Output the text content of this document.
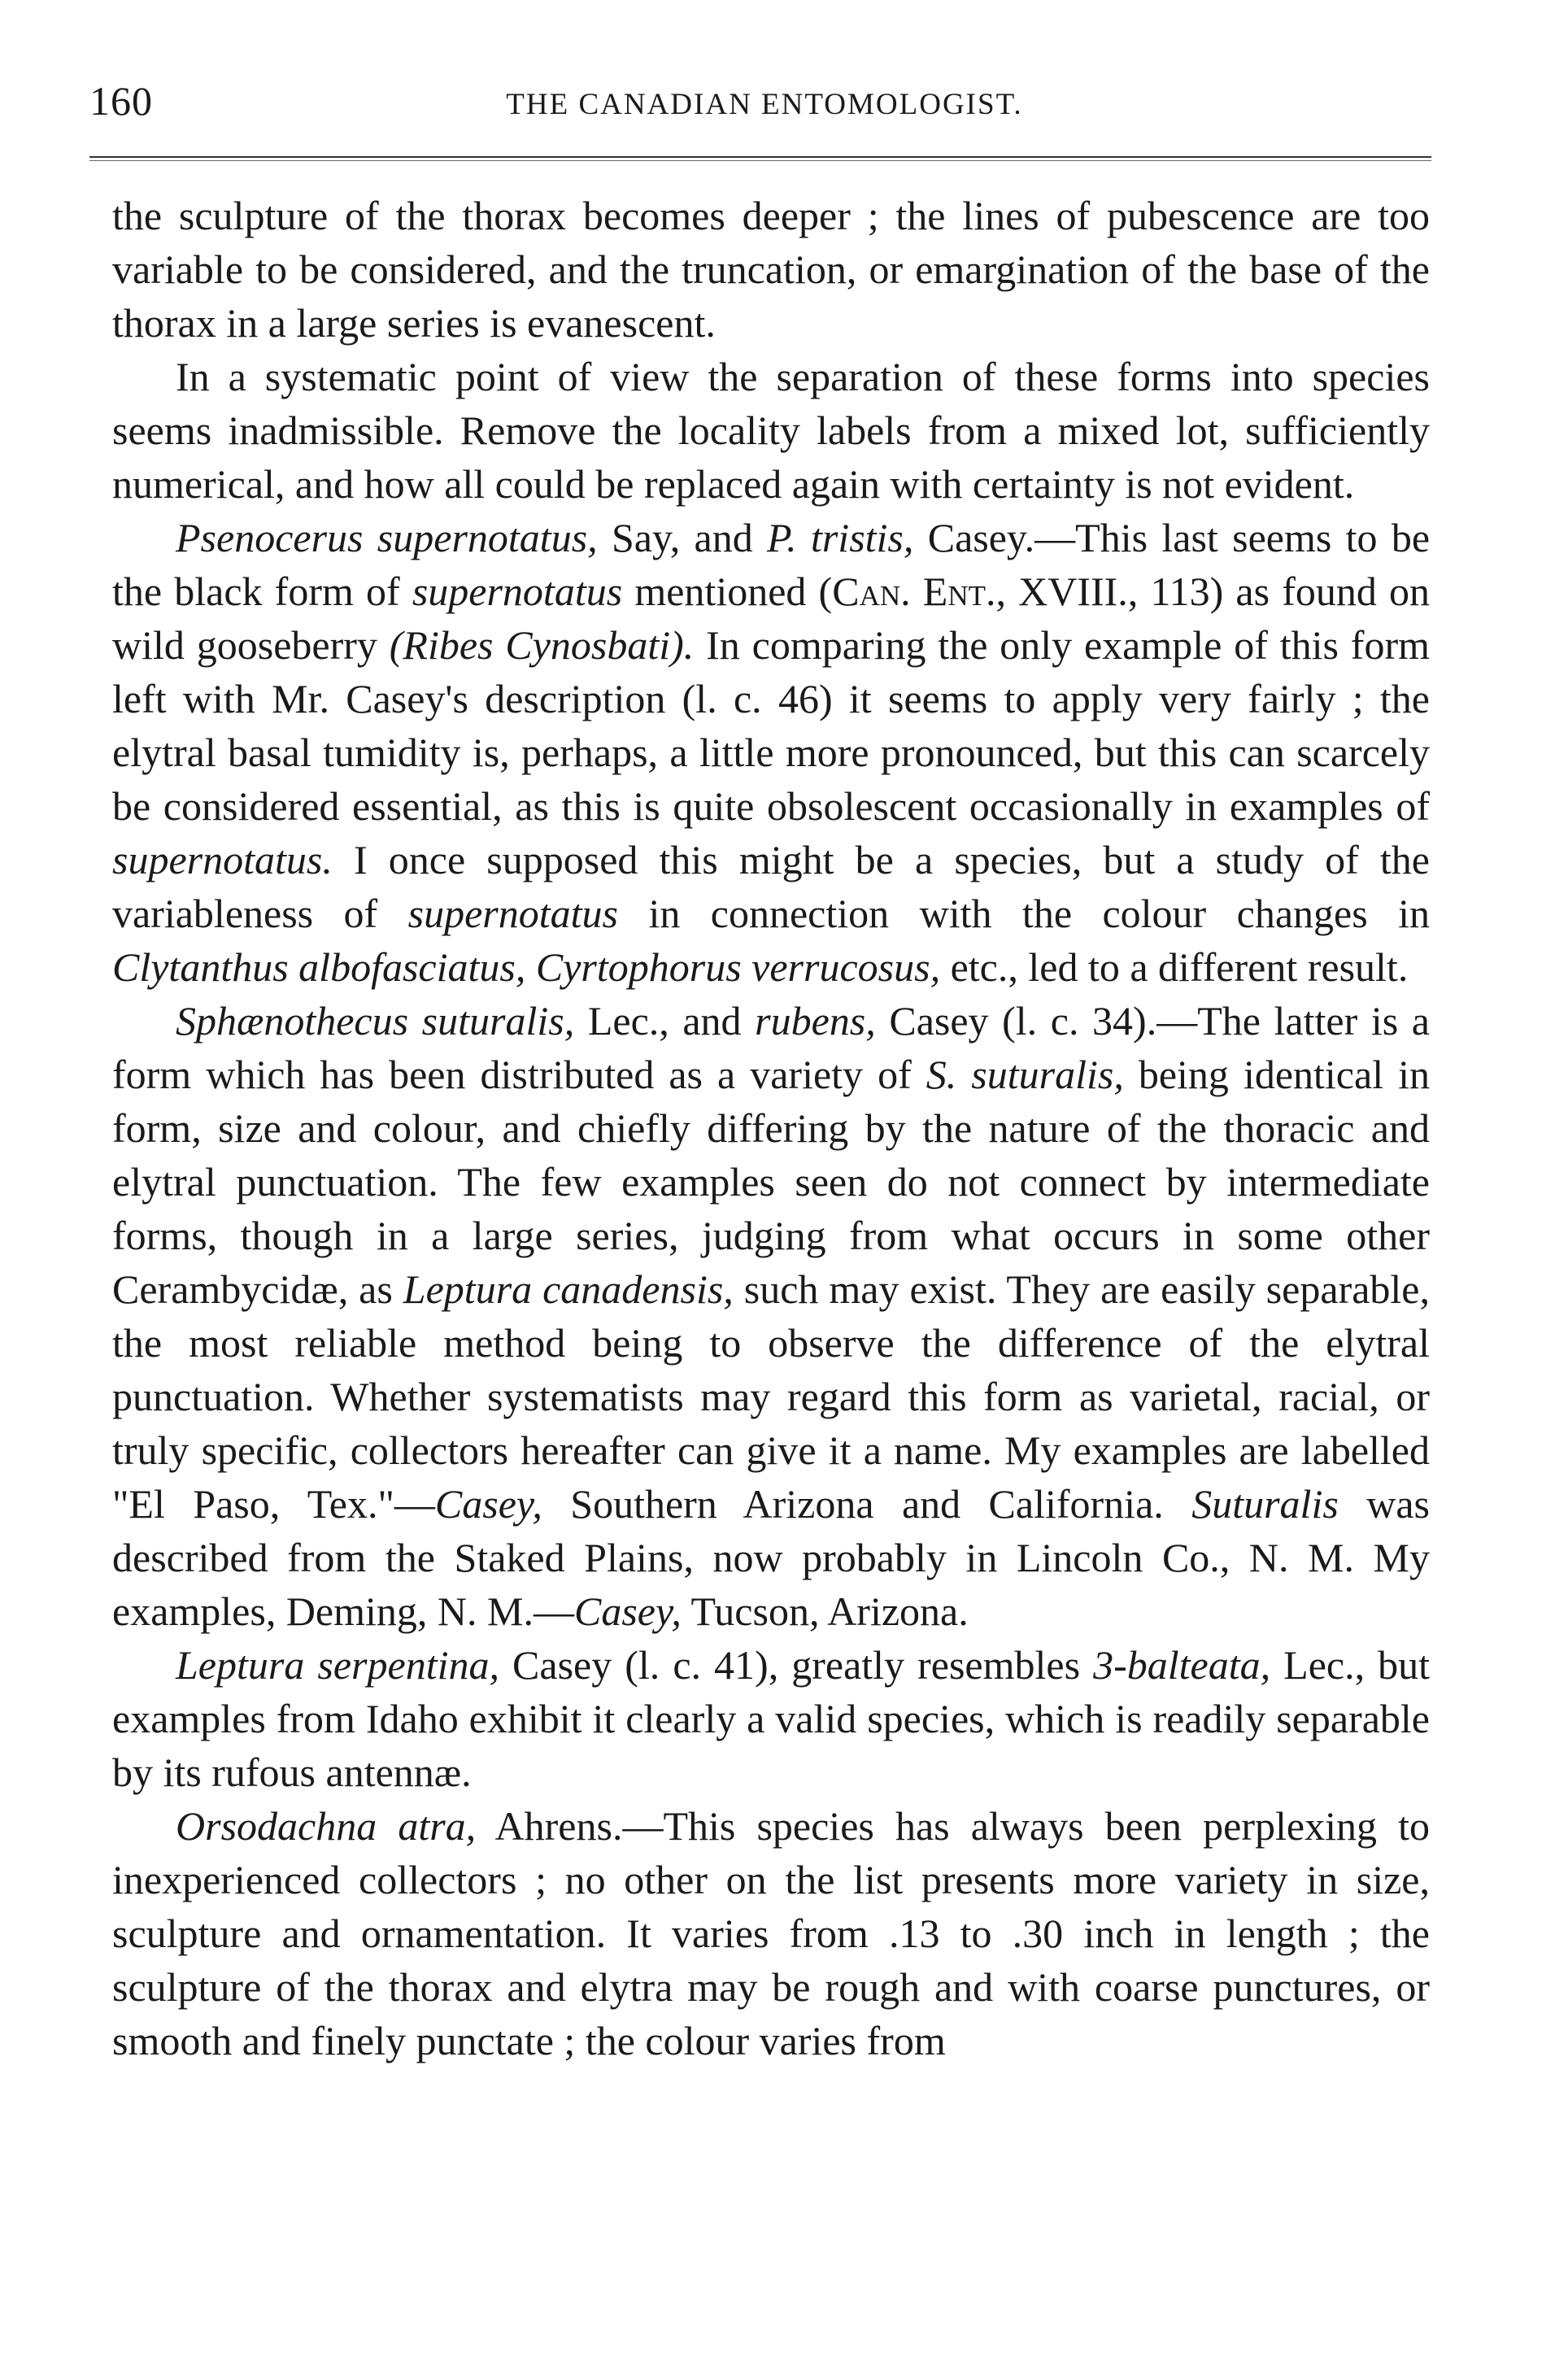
160	THE CANADIAN ENTOMOLOGIST.

the sculpture of the thorax becomes deeper ; the lines of pubescence are too variable to be considered, and the truncation, or emargination of the base of the thorax in a large series is evanescent.

In a systematic point of view the separation of these forms into species seems inadmissible. Remove the locality labels from a mixed lot, sufficiently numerical, and how all could be replaced again with certainty is not evident.

Psenocerus supernotatus, Say, and P. tristis, Casey.—This last seems to be the black form of supernotatus mentioned (Can. Ent., XVIII., 113) as found on wild gooseberry (Ribes Cynosbati). In comparing the only example of this form left with Mr. Casey's description (l. c. 46) it seems to apply very fairly ; the elytral basal tumidity is, perhaps, a little more pronounced, but this can scarcely be considered essential, as this is quite obsolescent occasionally in examples of supernotatus. I once supposed this might be a species, but a study of the variableness of supernotatus in connection with the colour changes in Clytanthus albofasciatus, Cyrtophorus verrucosus, etc., led to a different result.

Sphænothecus suturalis, Lec., and rubens, Casey (l. c. 34).—The latter is a form which has been distributed as a variety of S. suturalis, being identical in form, size and colour, and chiefly differing by the nature of the thoracic and elytral punctuation. The few examples seen do not connect by intermediate forms, though in a large series, judging from what occurs in some other Cerambycidæ, as Leptura canadensis, such may exist. They are easily separable, the most reliable method being to observe the difference of the elytral punctuation. Whether systematists may regard this form as varietal, racial, or truly specific, collectors hereafter can give it a name. My examples are labelled "El Paso, Tex."—Casey, Southern Arizona and California. Suturalis was described from the Staked Plains, now probably in Lincoln Co., N. M. My examples, Deming, N. M.—Casey, Tucson, Arizona.

Leptura serpentina, Casey (l. c. 41), greatly resembles 3-balteata, Lec., but examples from Idaho exhibit it clearly a valid species, which is readily separable by its rufous antennæ.

Orsodachna atra, Ahrens.—This species has always been perplexing to inexperienced collectors ; no other on the list presents more variety in size, sculpture and ornamentation. It varies from .13 to .30 inch in length ; the sculpture of the thorax and elytra may be rough and with coarse punctures, or smooth and finely punctate ; the colour varies from
